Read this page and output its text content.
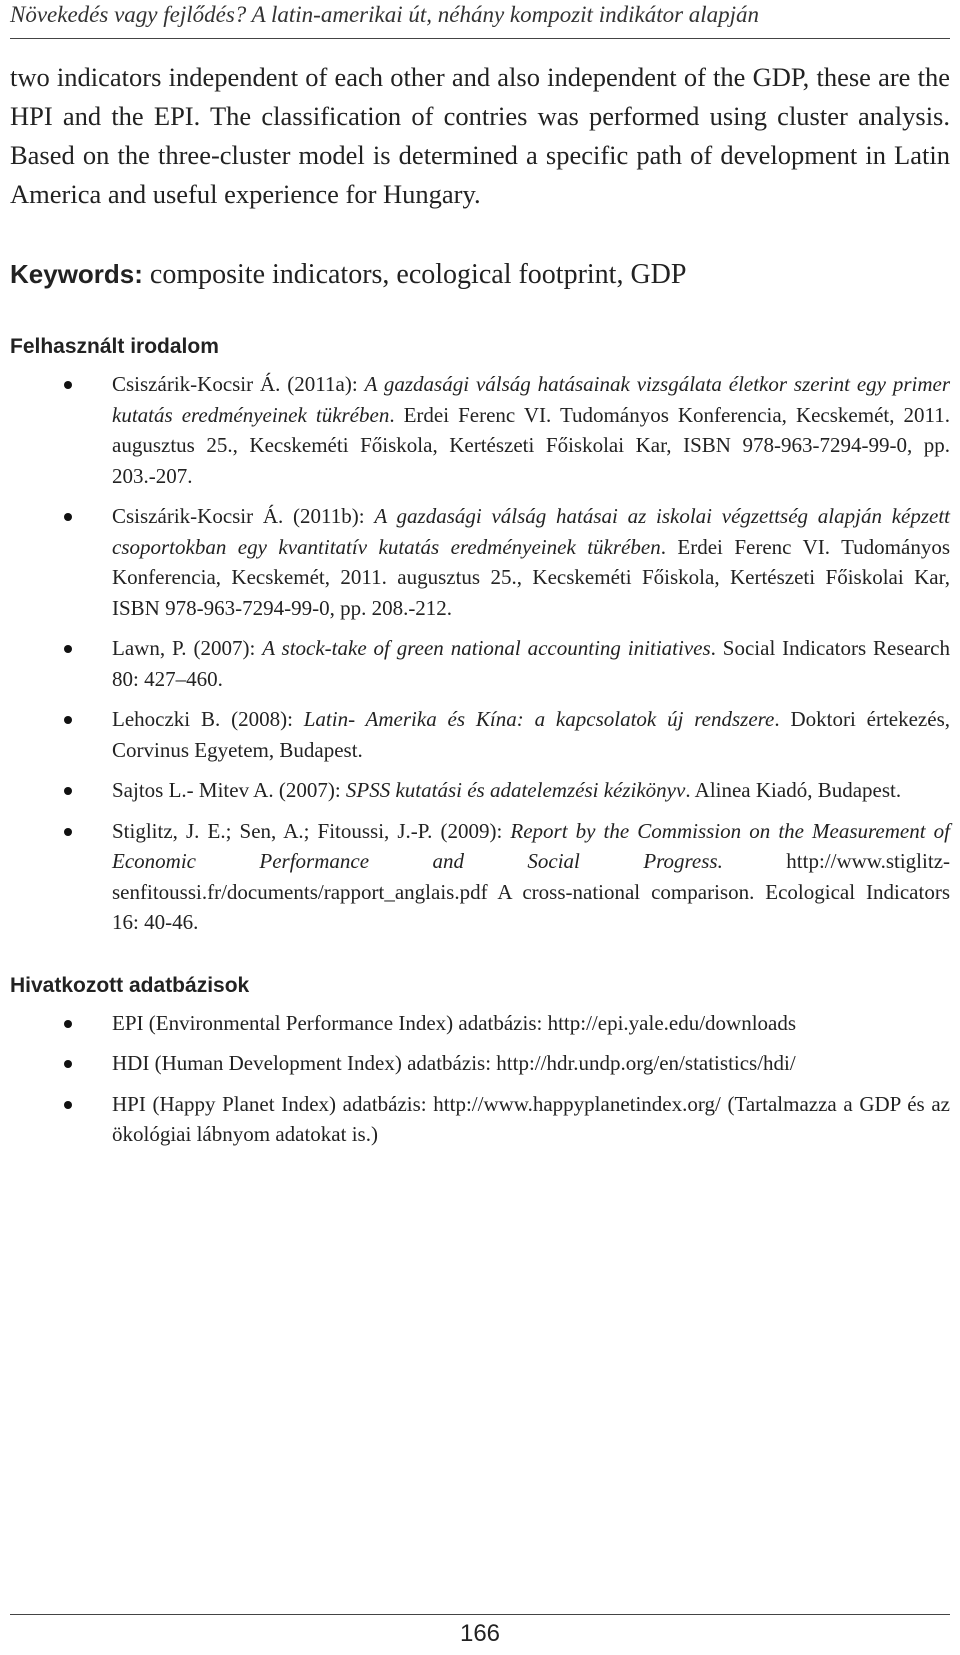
Növekedés vagy fejlődés? A latin-amerikai út, néhány kompozit indikátor alapján

two indicators independent of each other and also independent of the GDP, these are the HPI and the EPI. The classification of contries was performed using cluster analysis. Based on the three-cluster model is determined a specific path of development in Latin America and useful experience for Hungary.

Keywords: composite indicators, ecological footprint, GDP
Felhasznált irodalom
Csiszárik-Kocsir Á. (2011a): A gazdasági válság hatásainak vizsgálata életkor szerint egy primer kutatás eredményeinek tükrében. Erdei Ferenc VI. Tudományos Konferencia, Kecskemét, 2011. augusztus 25., Kecskeméti Főiskola, Kertészeti Főiskolai Kar, ISBN 978-963-7294-99-0, pp. 203.-207.
Csiszárik-Kocsir Á. (2011b): A gazdasági válság hatásai az iskolai végzettség alapján képzett csoportokban egy kvantitatív kutatás eredményeinek tükrében. Erdei Ferenc VI. Tudományos Konferencia, Kecskemét, 2011. augusztus 25., Kecskeméti Főiskola, Kertészeti Főiskolai Kar, ISBN 978-963-7294-99-0, pp. 208.-212.
Lawn, P. (2007): A stock-take of green national accounting initiatives. Social Indicators Research 80: 427–460.
Lehoczki B. (2008): Latin- Amerika és Kína: a kapcsolatok új rendszere. Doktori értekezés, Corvinus Egyetem, Budapest.
Sajtos L.- Mitev A. (2007): SPSS kutatási és adatelemzési kézikönyv. Alinea Kiadó, Budapest.
Stiglitz, J. E.; Sen, A.; Fitoussi, J.-P. (2009): Report by the Commission on the Measurement of Economic Performance and Social Progress. http://www.stiglitz-senfitoussi.fr/documents/rapport_anglais.pdf A cross-national comparison. Ecological Indicators 16: 40-46.
Hivatkozott adatbázisok
EPI (Environmental Performance Index) adatbázis: http://epi.yale.edu/downloads
HDI (Human Development Index) adatbázis: http://hdr.undp.org/en/statistics/hdi/
HPI (Happy Planet Index) adatbázis: http://www.happyplanetindex.org/ (Tartalmazza a GDP és az ökológiai lábnyom adatokat is.)
166
